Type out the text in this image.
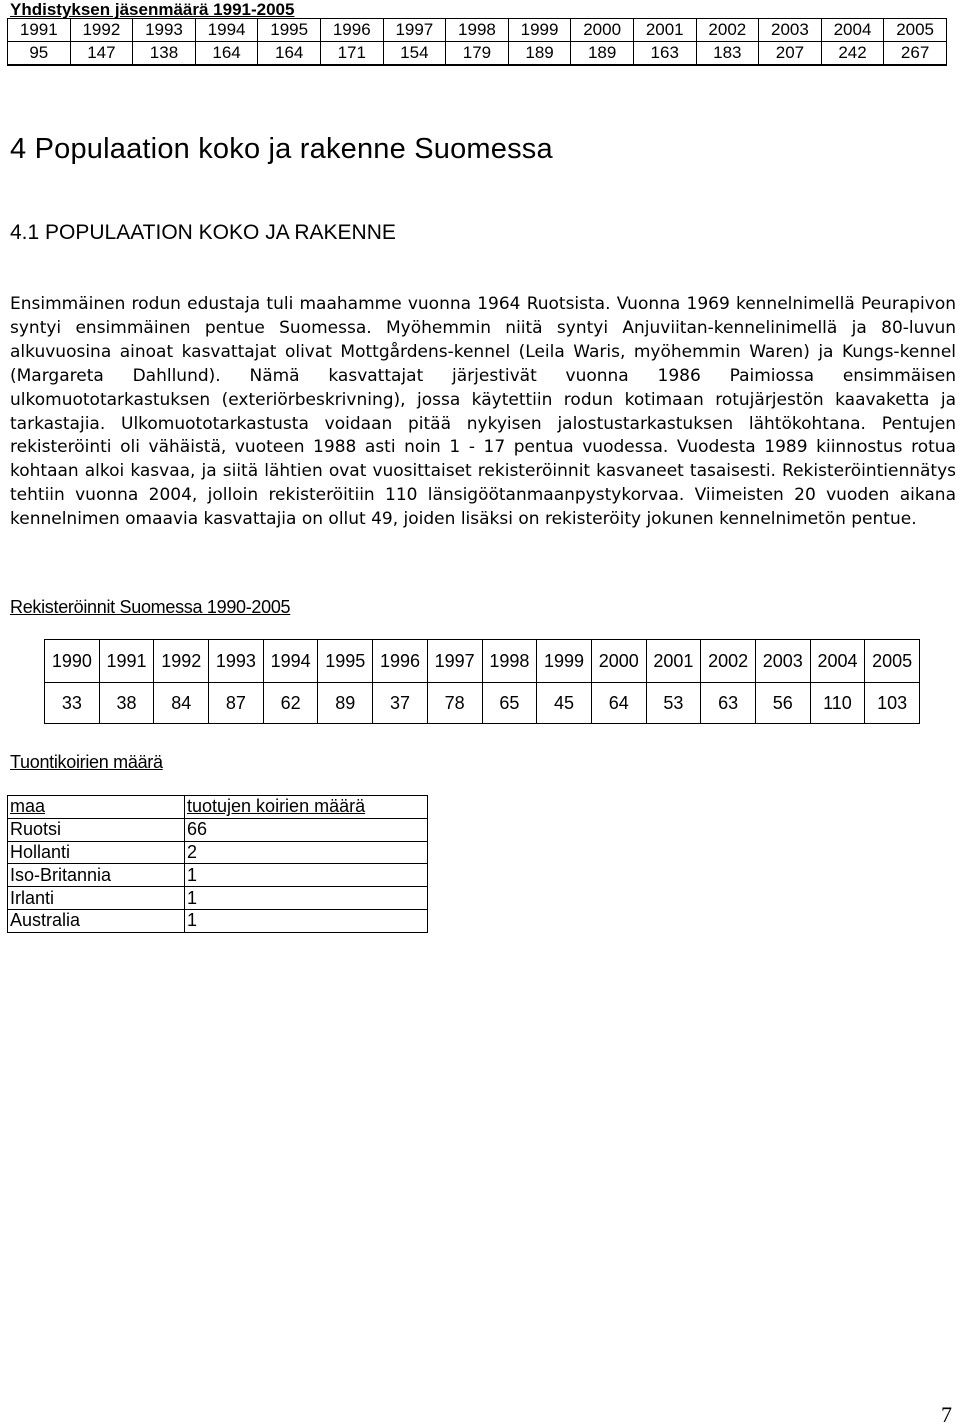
Yhdistyksen jäsenmäärä 1991-2005
1991	1992	1993	1994	1995	1996	1997	1998	1999	2000	2001	2002	2003	2004	2005
95	147	138	164	164	171	154	179	189	189	163	183	207	242	267
4 Populaation koko ja rakenne Suomessa
4.1 POPULAATION KOKO JA RAKENNE

Ensimmäinen rodun edustaja tuli maahamme vuonna 1964 Ruotsista. Vuonna 1969 kennelnimellä Peurapivon syntyi ensimmäinen pentue Suomessa. Myöhemmin niitä syntyi Anjuviitan-kennelinimellä ja 80-luvun alkuvuosina ainoat kasvattajat olivat Mottgårdens-kennel (Leila Waris, myöhemmin Waren) ja Kungs-kennel (Margareta Dahllund). Nämä kasvattajat järjestivät vuonna 1986 Paimiossa ensimmäisen ulkomuototarkastuksen (exteriörbeskrivning), jossa käytettiin rodun kotimaan rotujärjestön kaavaketta ja tarkastajia. Ulkomuototarkastusta voidaan pitää nykyisen jalostustarkastuksen lähtökohtana. Pentujen rekisteröinti oli vähäistä, vuoteen 1988 asti noin 1 - 17 pentua vuodessa. Vuodesta 1989 kiinnostus rotua kohtaan alkoi kasvaa, ja siitä lähtien ovat vuosittaiset rekisteröinnit kasvaneet tasaisesti. Rekisteröintiennätys tehtiin vuonna 2004, jolloin rekisteröitiin 110 länsigöötanmaanpystykorvaa. Viimeisten 20 vuoden aikana kennelnimen omaavia kasvattajia on ollut 49, joiden lisäksi on rekisteröity jokunen kennelnimetön pentue.

Rekisteröinnit Suomessa 1990-2005
1990	1991	1992	1993	1994	1995	1996	1997	1998	1999	2000	2001	2002	2003	2004	2005
33	38	84	87	62	89	37	78	65	45	64	53	63	56	110	103
Tuontikoirien määrä
maa	tuotujen koirien määrä
Ruotsi	66
Hollanti	2
Iso-Britannia	1
Irlanti	1
Australia	1
7
